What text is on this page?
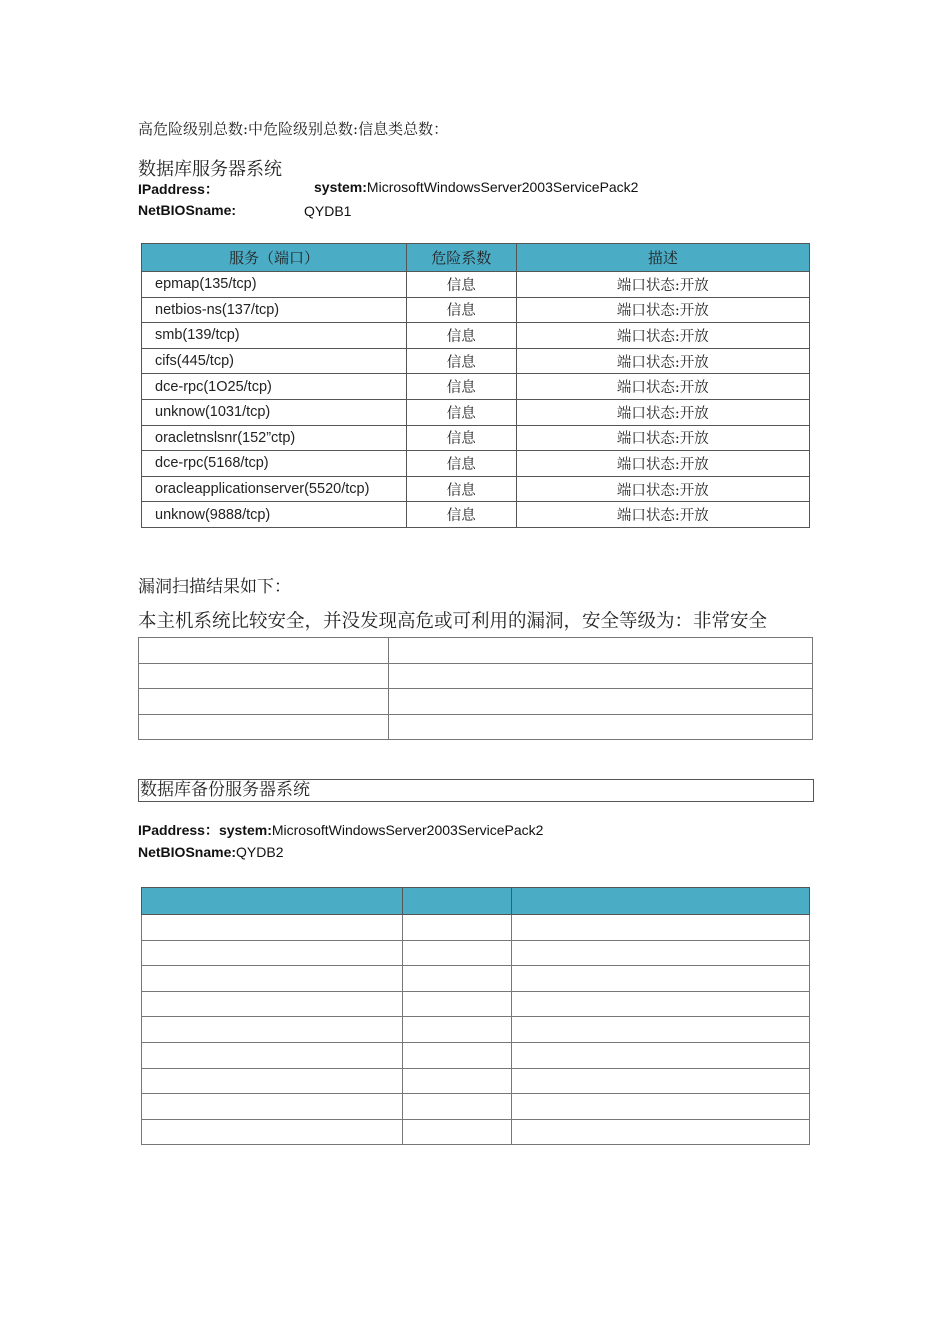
高危险级别总数:中危险级别总数:信息类总数：
数据库服务器系统
IPaddress：	system:MicrosoftWindowsServer2003ServicePack2
NetBIOSname:	QYDB1
服务（端口）	危险系数	描述
epmap(135/tcp)	信息	端口状态:开放
netbios-ns(137/tcp)	信息	端口状态:开放
smb(139/tcp)	信息	端口状态:开放
cifs(445/tcp)	信息	端口状态:开放
dce-rpc(1O25/tcp)	信息	端口状态:开放
unknow(1031/tcp)	信息	端口状态:开放
oracletnslsnr(152”ctp)	信息	端口状态:开放
dce-rpc(5168/tcp)	信息	端口状态:开放
oracleapplicationserver(5520/tcp)	信息	端口状态:开放
unknow(9888/tcp)	信息	端口状态:开放
漏洞扫描结果如下：
本主机系统比较安全，并没发现高危或可利用的漏洞，安全等级为：非常安全

数据库备份服务器系统
IPaddress：system:MicrosoftWindowsServer2003ServicePack2
NetBIOSname:QYDB2
